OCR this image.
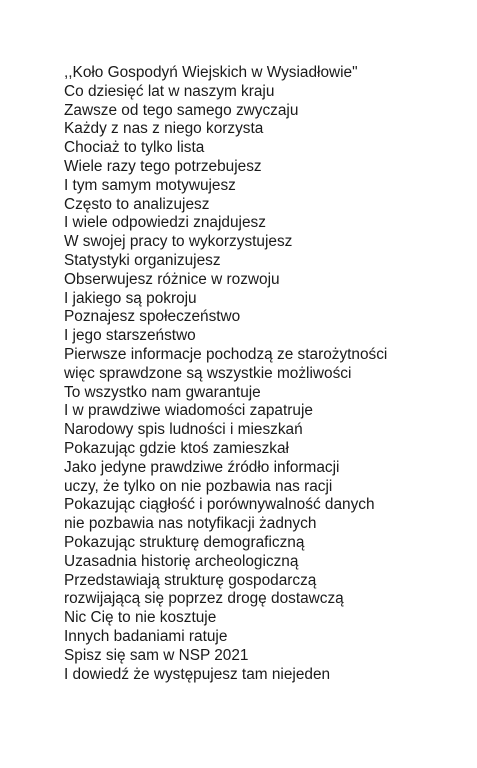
,,Koło Gospodyń Wiejskich w Wysiadłowie"
Co dziesięć lat w naszym kraju
Zawsze od tego samego zwyczaju
Każdy z nas z niego korzysta
Chociaż to tylko lista
Wiele razy tego potrzebujesz
I tym samym motywujesz
Często to analizujesz
I wiele odpowiedzi znajdujesz
W swojej pracy to wykorzystujesz
Statystyki organizujesz
Obserwujesz różnice w rozwoju
I jakiego są pokroju
Poznajesz społeczeństwo
I jego starszeństwo
Pierwsze informacje pochodzą ze starożytności
więc sprawdzone są wszystkie możliwości
To wszystko nam gwarantuje
I w prawdziwe wiadomości zapatruje
Narodowy spis ludności i mieszkań
Pokazując gdzie ktoś zamieszkał
Jako jedyne prawdziwe źródło informacji
uczy, że tylko on nie pozbawia nas racji
Pokazując ciągłość i porównywalność danych
nie pozbawia nas notyfikacji żadnych
Pokazując strukturę demograficzną
Uzasadnia historię archeologiczną
Przedstawiają strukturę gospodarczą
rozwijającą się poprzez drogę dostawczą
Nic Cię to nie kosztuje
Innych badaniami ratuje
Spisz się sam w NSP 2021
I dowiedź że występujesz tam niejeden
